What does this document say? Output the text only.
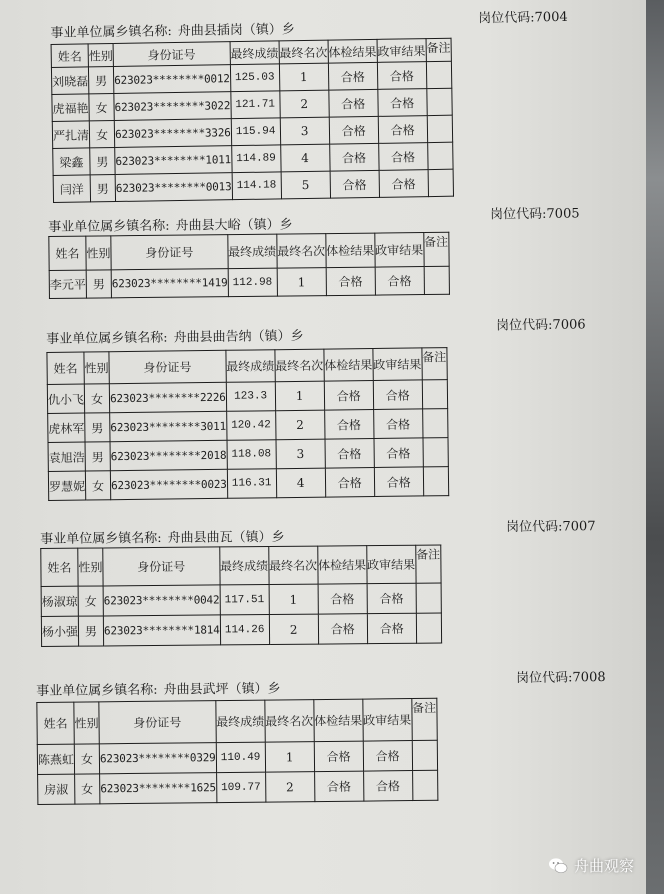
事业单位属乡镇名称: 舟曲县插岗（镇）乡
岗位代码:7004
姓名	性别	身份证号	最终成绩	最终名次	体检结果	政审结果	备注
刘晓磊	男	623023********0012	125.03	1	合格	合格	
虎福艳	女	623023********3022	121.71	2	合格	合格	
严扎清	女	623023********3326	115.94	3	合格	合格	
梁鑫	男	623023********1011	114.89	4	合格	合格	
闫洋	男	623023********0013	114.18	5	合格	合格	
事业单位属乡镇名称: 舟曲县大峪（镇）乡
岗位代码:7005
姓名	性别	身份证号	最终成绩	最终名次	体检结果	政审结果	备注
李元平	男	623023********1419	112.98	1	合格	合格	
事业单位属乡镇名称: 舟曲县曲告纳（镇）乡
岗位代码:7006
姓名	性别	身份证号	最终成绩	最终名次	体检结果	政审结果	备注
仇小飞	女	623023********2226	123.3	1	合格	合格	
虎林军	男	623023********3011	120.42	2	合格	合格	
袁旭浩	男	623023********2018	118.08	3	合格	合格	
罗慧妮	女	623023********0023	116.31	4	合格	合格	
事业单位属乡镇名称: 舟曲县曲瓦（镇）乡
岗位代码:7007
姓名	性别	身份证号	最终成绩	最终名次	体检结果	政审结果	备注
杨淑琼	女	623023********0042	117.51	1	合格	合格	
杨小强	男	623023********1814	114.26	2	合格	合格	
事业单位属乡镇名称: 舟曲县武坪（镇）乡
岗位代码:7008
姓名	性别	身份证号	最终成绩	最终名次	体检结果	政审结果	备注
陈燕虹	女	623023********0329	110.49	1	合格	合格	
房淑	女	623023********1625	109.77	2	合格	合格	
舟曲观察
